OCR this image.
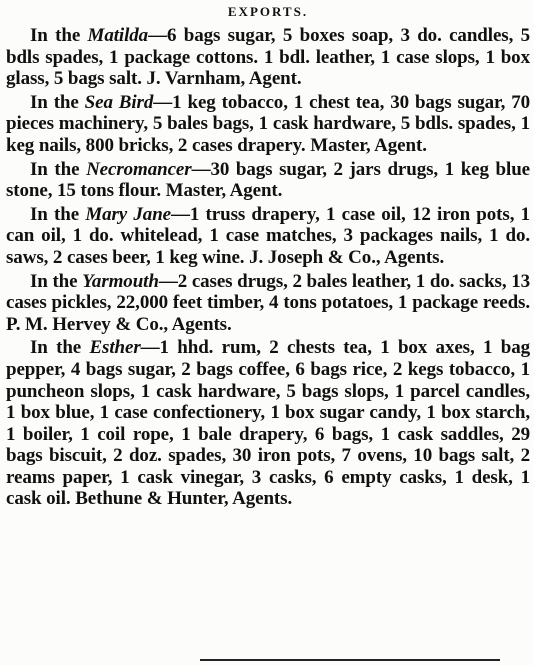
EXPORTS.

In the Matilda—6 bags sugar, 5 boxes soap, 3 do. candles, 5 bdls spades, 1 package cottons. 1 bdl. leather, 1 case slops, 1 box glass, 5 bags salt. J. Varnham, Agent.

In the Sea Bird—1 keg tobacco, 1 chest tea, 30 bags sugar, 70 pieces machinery, 5 bales bags, 1 cask hardware, 5 bdls. spades, 1 keg nails, 800 bricks, 2 cases drapery. Master, Agent.

In the Necromancer—30 bags sugar, 2 jars drugs, 1 keg blue stone, 15 tons flour. Master, Agent.

In the Mary Jane—1 truss drapery, 1 case oil, 12 iron pots, 1 can oil, 1 do. whitelead, 1 case matches, 3 packages nails, 1 do. saws, 2 cases beer, 1 keg wine. J. Joseph & Co., Agents.

In the Yarmouth—2 cases drugs, 2 bales leather, 1 do. sacks, 13 cases pickles, 22,000 feet timber, 4 tons potatoes, 1 package reeds. P. M. Hervey & Co., Agents.

In the Esther—1 hhd. rum, 2 chests tea, 1 box axes, 1 bag pepper, 4 bags sugar, 2 bags coffee, 6 bags rice, 2 kegs tobacco, 1 puncheon slops, 1 cask hardware, 5 bags slops, 1 parcel candles, 1 box blue, 1 case confectionery, 1 box sugar candy, 1 box starch, 1 boiler, 1 coil rope, 1 bale drapery, 6 bags, 1 cask saddles, 29 bags biscuit, 2 doz. spades, 30 iron pots, 7 ovens, 10 bags salt, 2 reams paper, 1 cask vinegar, 3 casks, 6 empty casks, 1 desk, 1 cask oil. Bethune & Hunter, Agents.
